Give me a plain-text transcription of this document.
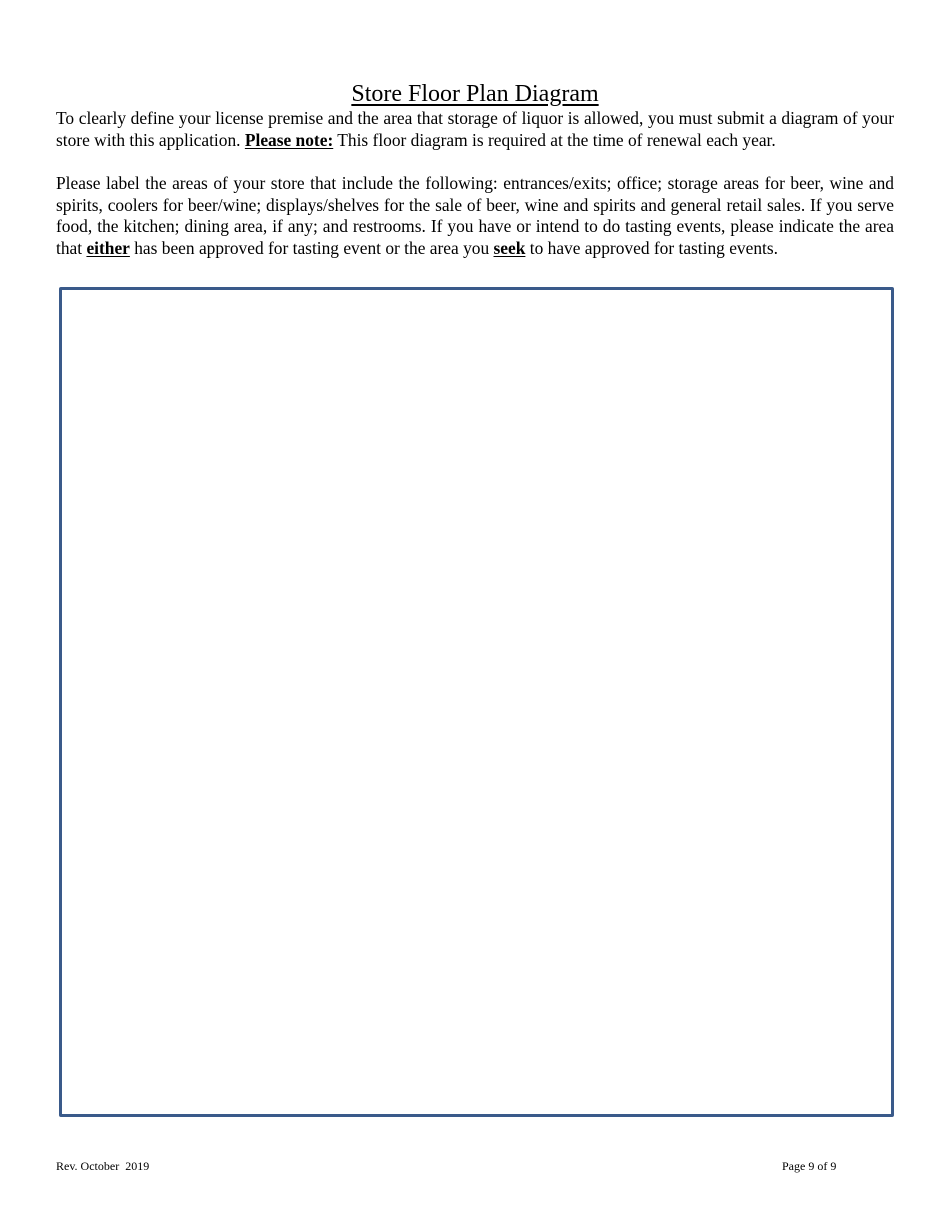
Store Floor Plan Diagram

To clearly define your license premise and the area that storage of liquor is allowed, you must submit a diagram of your store with this application. Please note: This floor diagram is required at the time of renewal each year.

Please label the areas of your store that include the following: entrances/exits; office; storage areas for beer, wine and spirits, coolers for beer/wine; displays/shelves for the sale of beer, wine and spirits and general retail sales. If you serve food, the kitchen; dining area, if any; and restrooms. If you have or intend to do tasting events, please indicate the area that either has been approved for tasting event or the area you seek to have approved for tasting events.

Rev. October  2019	Page 9 of 9
